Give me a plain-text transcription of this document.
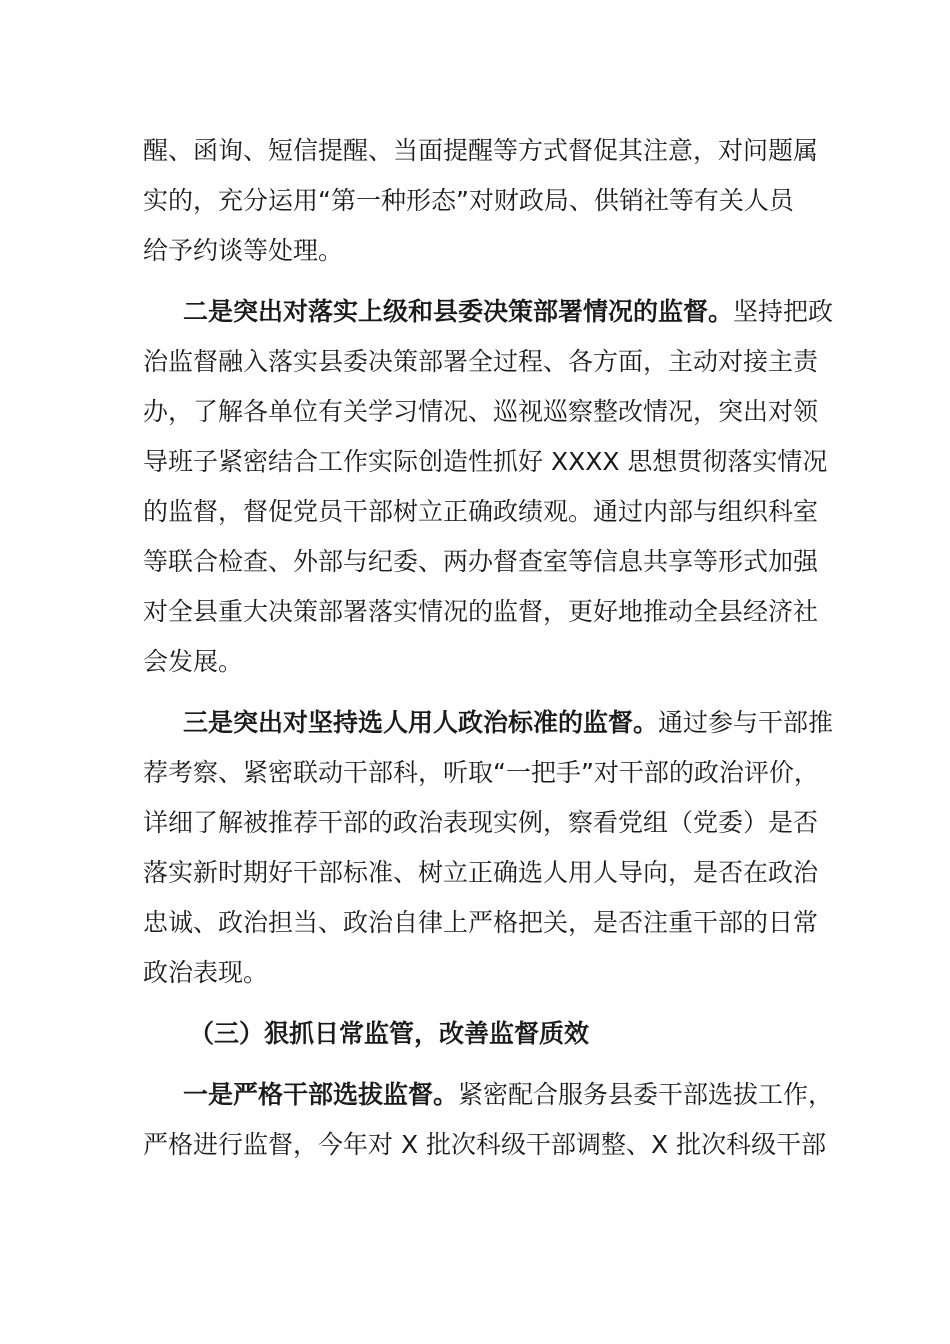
醒、函询、短信提醒、当面提醒等方式督促其注意，对问题属
实的，充分运用“第一种形态”对财政局、供销社等有关人员
给予约谈等处理。
二是突出对落实上级和县委决策部署情况的监督。坚持把政
治监督融入落实县委决策部署全过程、各方面，主动对接主责
办，了解各单位有关学习情况、巡视巡察整改情况，突出对领
导班子紧密结合工作实际创造性抓好 XXXX 思想贯彻落实情况
的监督，督促党员干部树立正确政绩观。通过内部与组织科室
等联合检查、外部与纪委、两办督查室等信息共享等形式加强
对全县重大决策部署落实情况的监督，更好地推动全县经济社
会发展。
三是突出对坚持选人用人政治标准的监督。通过参与干部推
荐考察、紧密联动干部科，听取“一把手”对干部的政治评价，
详细了解被推荐干部的政治表现实例，察看党组（党委）是否
落实新时期好干部标准、树立正确选人用人导向，是否在政治
忠诚、政治担当、政治自律上严格把关，是否注重干部的日常
政治表现。
（三）狠抓日常监管，改善监督质效
一是严格干部选拔监督。紧密配合服务县委干部选拔工作，
严格进行监督，今年对 X 批次科级干部调整、X 批次科级干部
